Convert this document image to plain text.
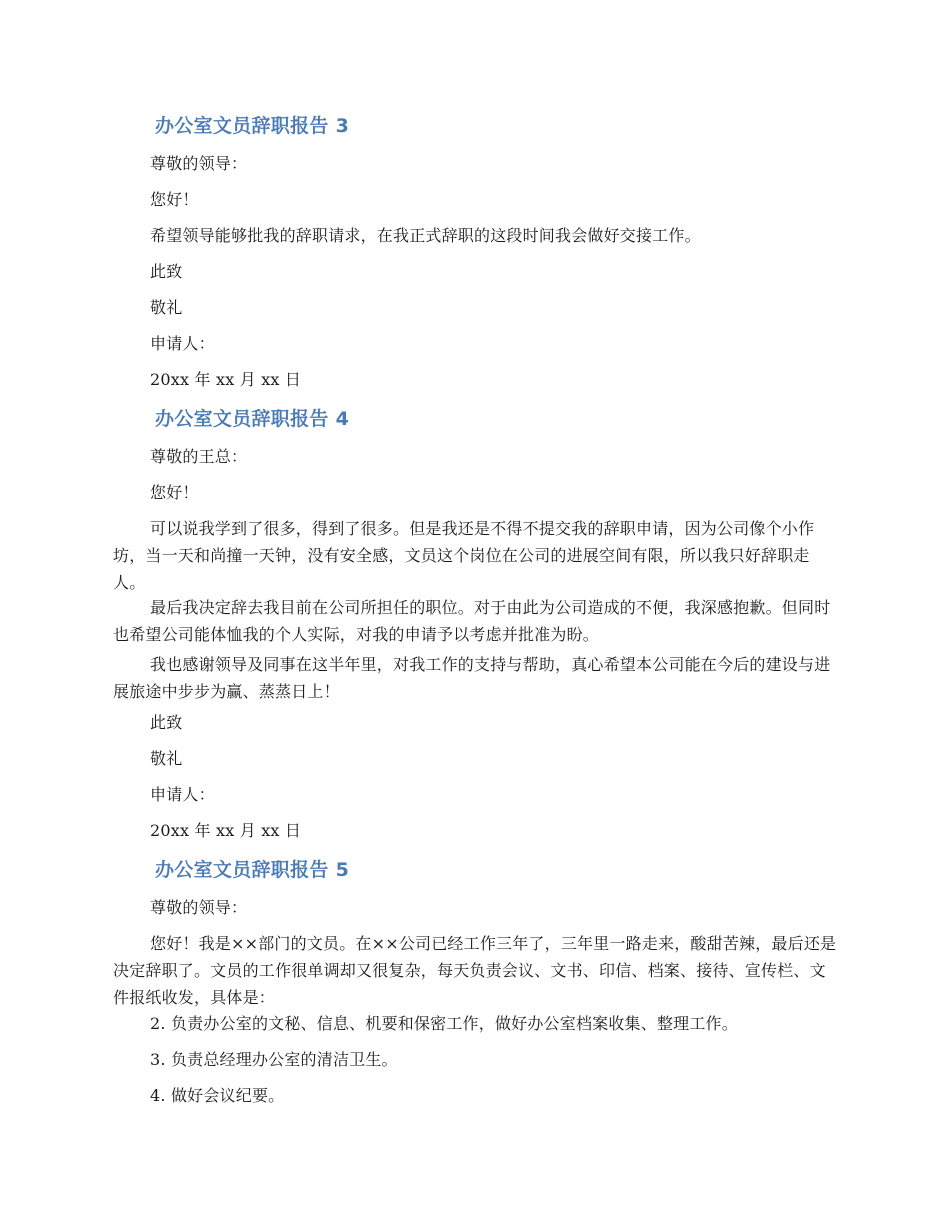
办公室文员辞职报告 3

尊敬的领导：

您好！

希望领导能够批我的辞职请求，在我正式辞职的这段时间我会做好交接工作。

此致

敬礼

申请人：

20xx 年 xx 月 xx 日

办公室文员辞职报告 4

尊敬的王总：

您好！

可以说我学到了很多，得到了很多。但是我还是不得不提交我的辞职申请，因为公司像个小作坊，当一天和尚撞一天钟，没有安全感，文员这个岗位在公司的进展空间有限，所以我只好辞职走人。

最后我决定辞去我目前在公司所担任的职位。对于由此为公司造成的不便，我深感抱歉。但同时也希望公司能体恤我的个人实际，对我的申请予以考虑并批准为盼。

我也感谢领导及同事在这半年里，对我工作的支持与帮助，真心希望本公司能在今后的建设与进展旅途中步步为赢、蒸蒸日上！

此致

敬礼

申请人：

20xx 年 xx 月 xx 日

办公室文员辞职报告 5

尊敬的领导：

您好！我是××部门的文员。在××公司已经工作三年了，三年里一路走来，酸甜苦辣，最后还是决定辞职了。文员的工作很单调却又很复杂，每天负责会议、文书、印信、档案、接待、宣传栏、文件报纸收发，具体是：

2. 负责办公室的文秘、信息、机要和保密工作，做好办公室档案收集、整理工作。

3. 负责总经理办公室的清洁卫生。

4. 做好会议纪要。
